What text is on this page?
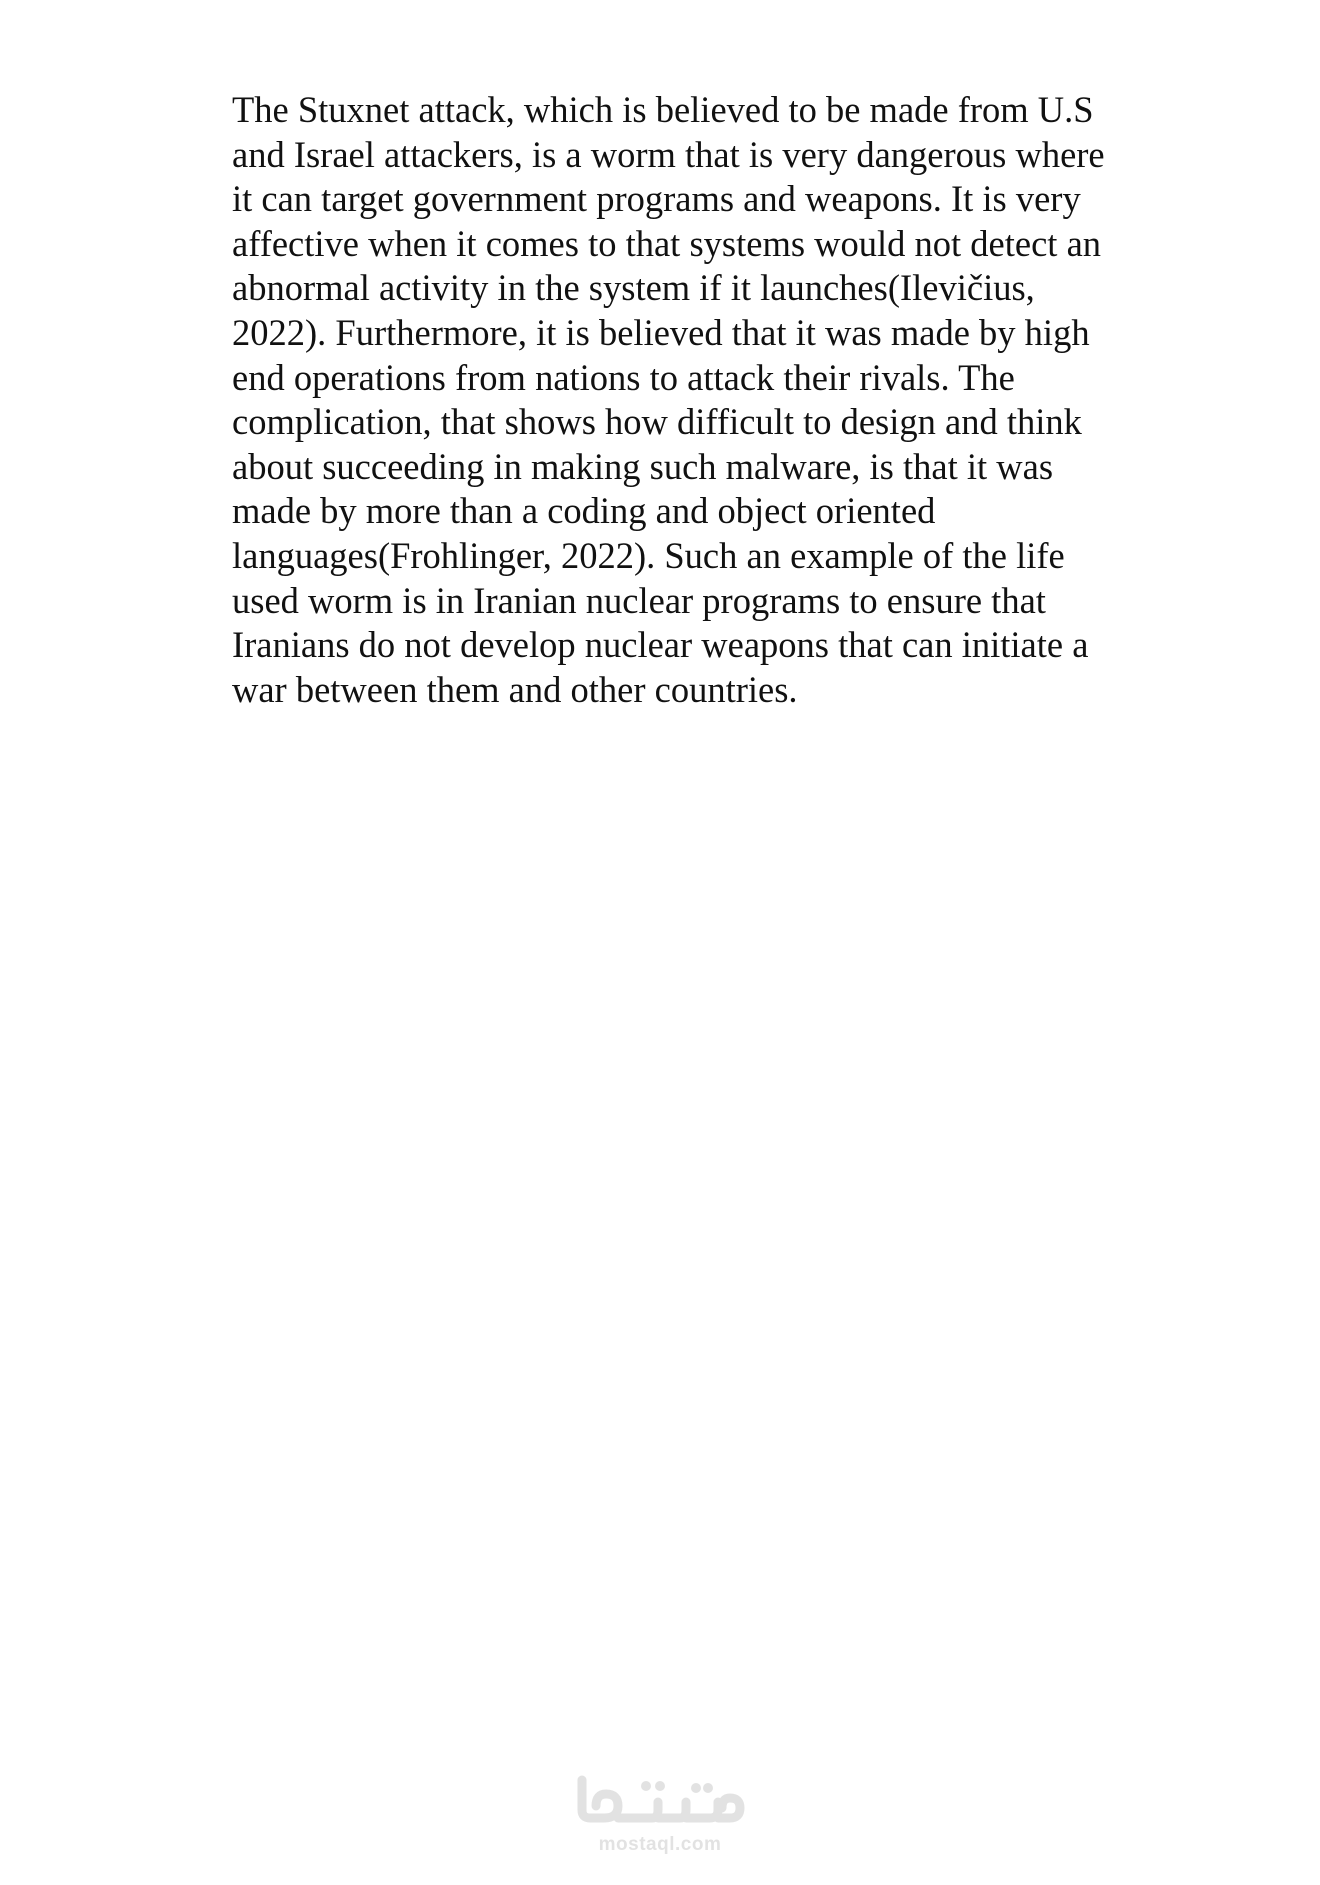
The Stuxnet attack, which is believed to be made from U.S
and Israel attackers, is a worm that is very dangerous where
it can target government programs and weapons. It is very
affective when it comes to that systems would not detect an
abnormal activity in the system if it launches(Ilevičius,
2022). Furthermore, it is believed that it was made by high
end operations from nations to attack their rivals. The
complication, that shows how difficult to design and think
about succeeding in making such malware, is that it was
made by more than a coding and object oriented
languages(Frohlinger, 2022). Such an example of the life
used worm is in Iranian nuclear programs to ensure that
Iranians do not develop nuclear weapons that can initiate a
war between them and other countries.

mostaql.com
